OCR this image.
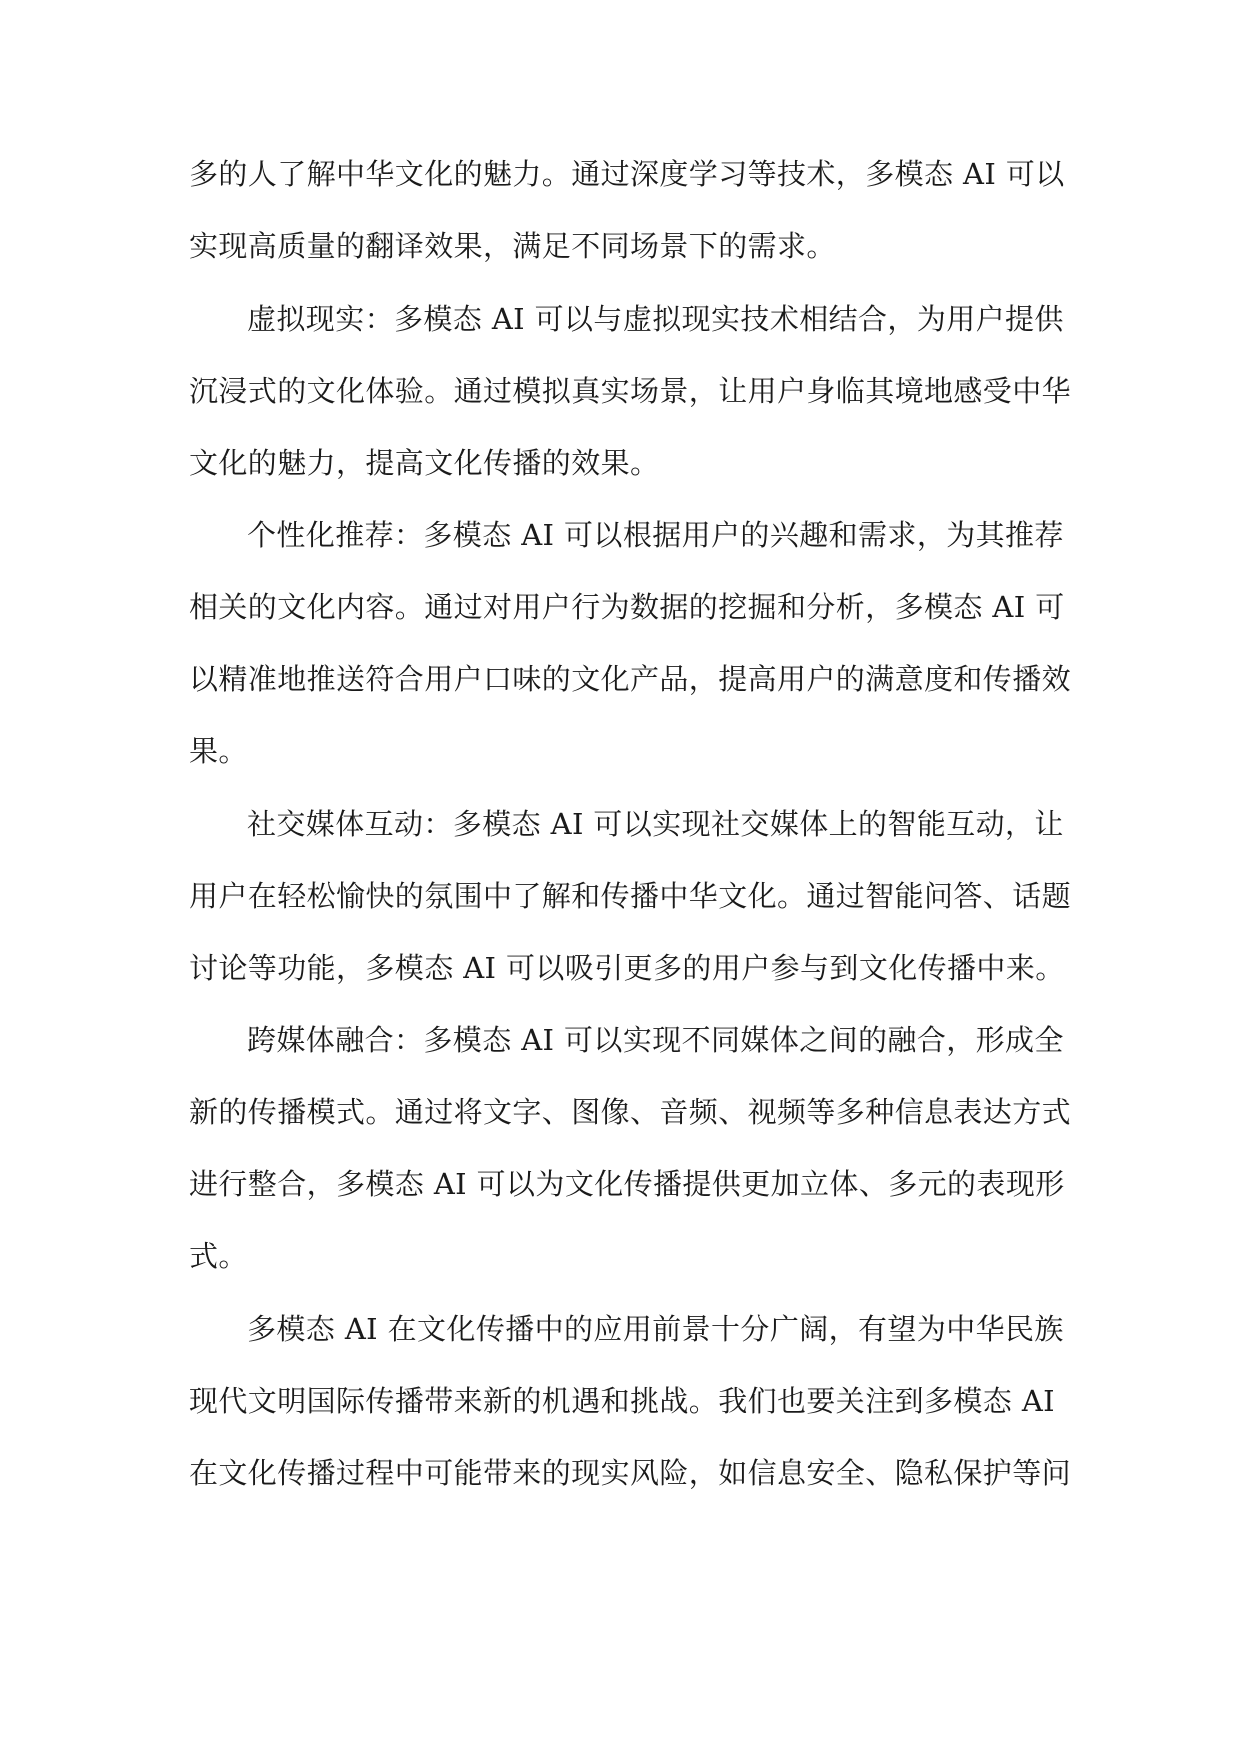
多的人了解中华文化的魅力。通过深度学习等技术，多模态 AI 可以

实现高质量的翻译效果，满足不同场景下的需求。

虚拟现实：多模态 AI 可以与虚拟现实技术相结合，为用户提供

沉浸式的文化体验。通过模拟真实场景，让用户身临其境地感受中华

文化的魅力，提高文化传播的效果。

个性化推荐：多模态 AI 可以根据用户的兴趣和需求，为其推荐

相关的文化内容。通过对用户行为数据的挖掘和分析，多模态 AI 可

以精准地推送符合用户口味的文化产品，提高用户的满意度和传播效

果。

社交媒体互动：多模态 AI 可以实现社交媒体上的智能互动，让

用户在轻松愉快的氛围中了解和传播中华文化。通过智能问答、话题

讨论等功能，多模态 AI 可以吸引更多的用户参与到文化传播中来。

跨媒体融合：多模态 AI 可以实现不同媒体之间的融合，形成全

新的传播模式。通过将文字、图像、音频、视频等多种信息表达方式

进行整合，多模态 AI 可以为文化传播提供更加立体、多元的表现形

式。

多模态 AI 在文化传播中的应用前景十分广阔，有望为中华民族

现代文明国际传播带来新的机遇和挑战。我们也要关注到多模态 AI

在文化传播过程中可能带来的现实风险，如信息安全、隐私保护等问
